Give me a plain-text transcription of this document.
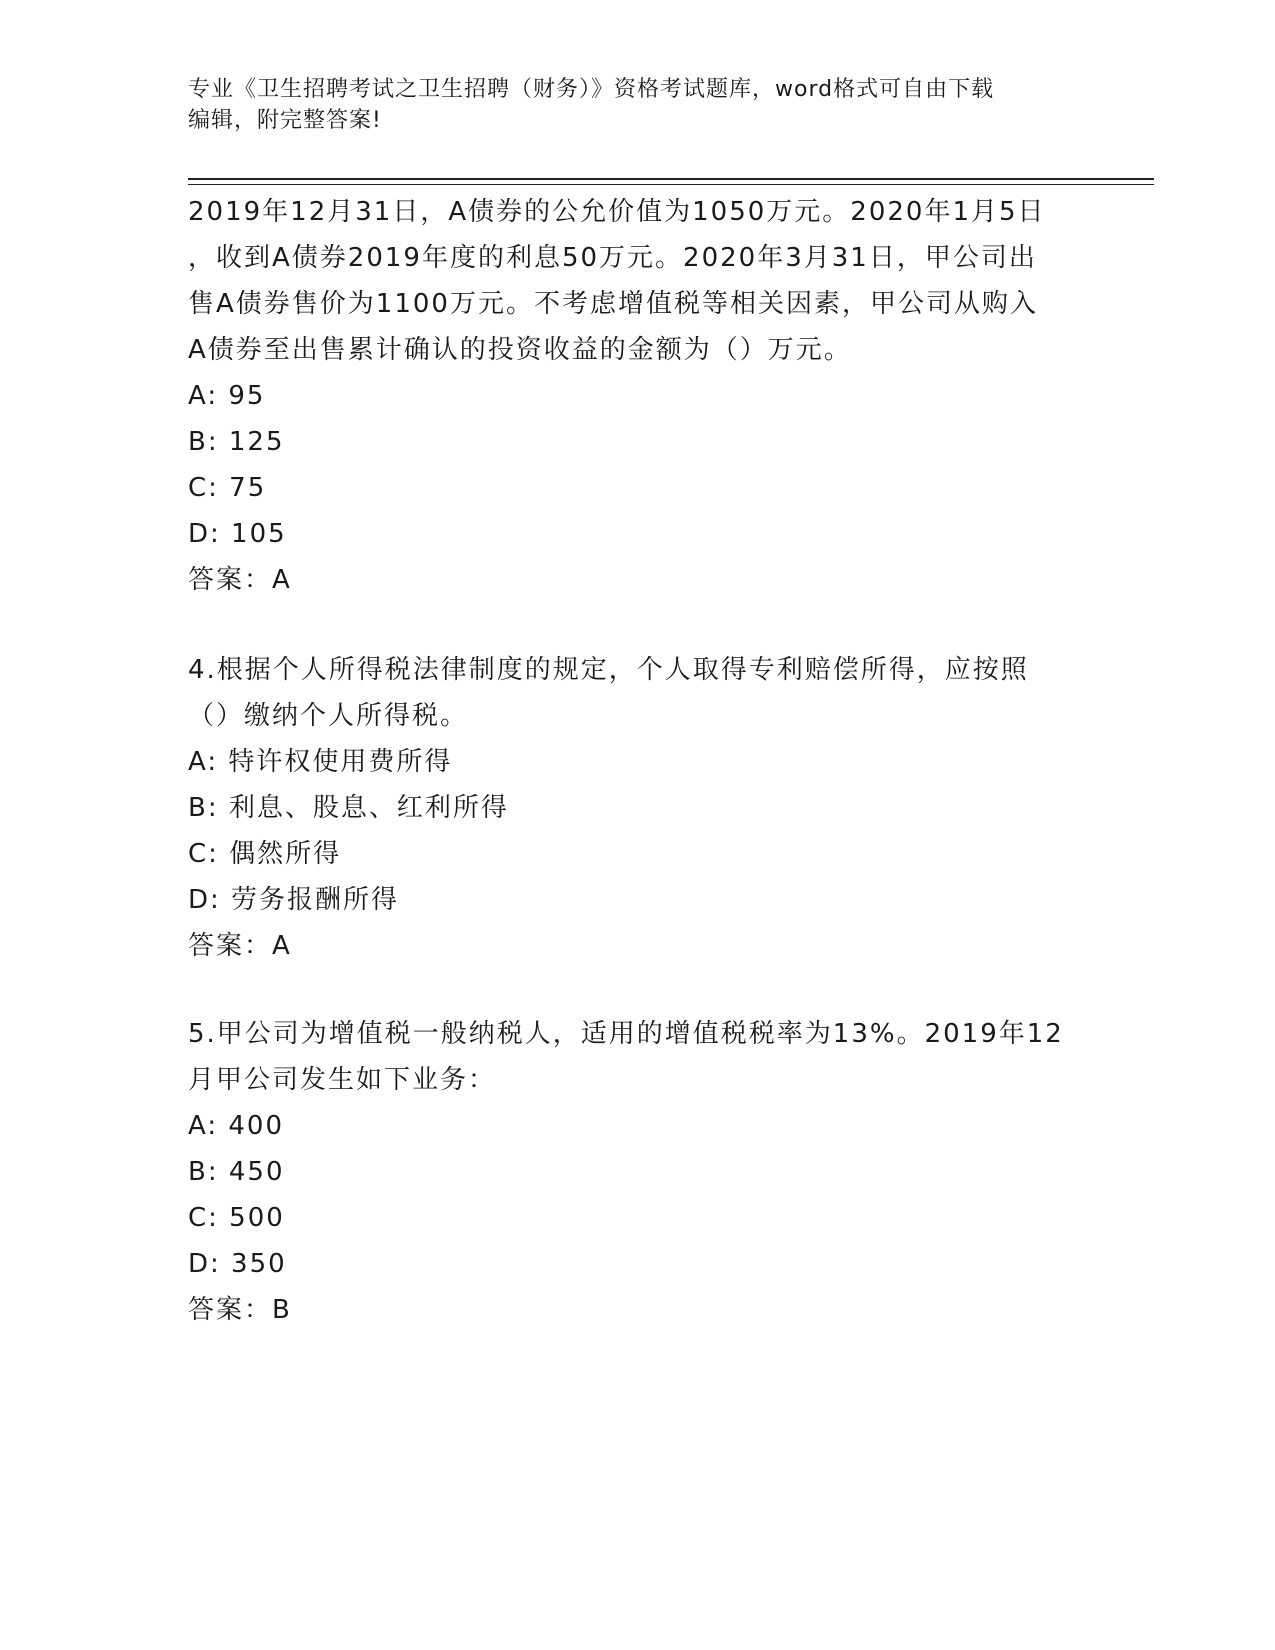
专业《卫生招聘考试之卫生招聘（财务）》资格考试题库，word格式可自由下载
编辑，附完整答案!
2019年12月31日，A债券的公允价值为1050万元。2020年1月5日
，收到A债券2019年度的利息50万元。2020年3月31日，甲公司出
售A债券售价为1100万元。不考虑增值税等相关因素，甲公司从购入
A债券至出售累计确认的投资收益的金额为（）万元。
A: 95
B: 125
C: 75
D: 105
答案：A
4.根据个人所得税法律制度的规定，个人取得专利赔偿所得，应按照
（）缴纳个人所得税。
A: 特许权使用费所得
B: 利息、股息、红利所得
C: 偶然所得
D: 劳务报酬所得
答案：A
5.甲公司为增值税一般纳税人，适用的增值税税率为13%。2019年12
月甲公司发生如下业务：
A: 400
B: 450
C: 500
D: 350
答案：B
